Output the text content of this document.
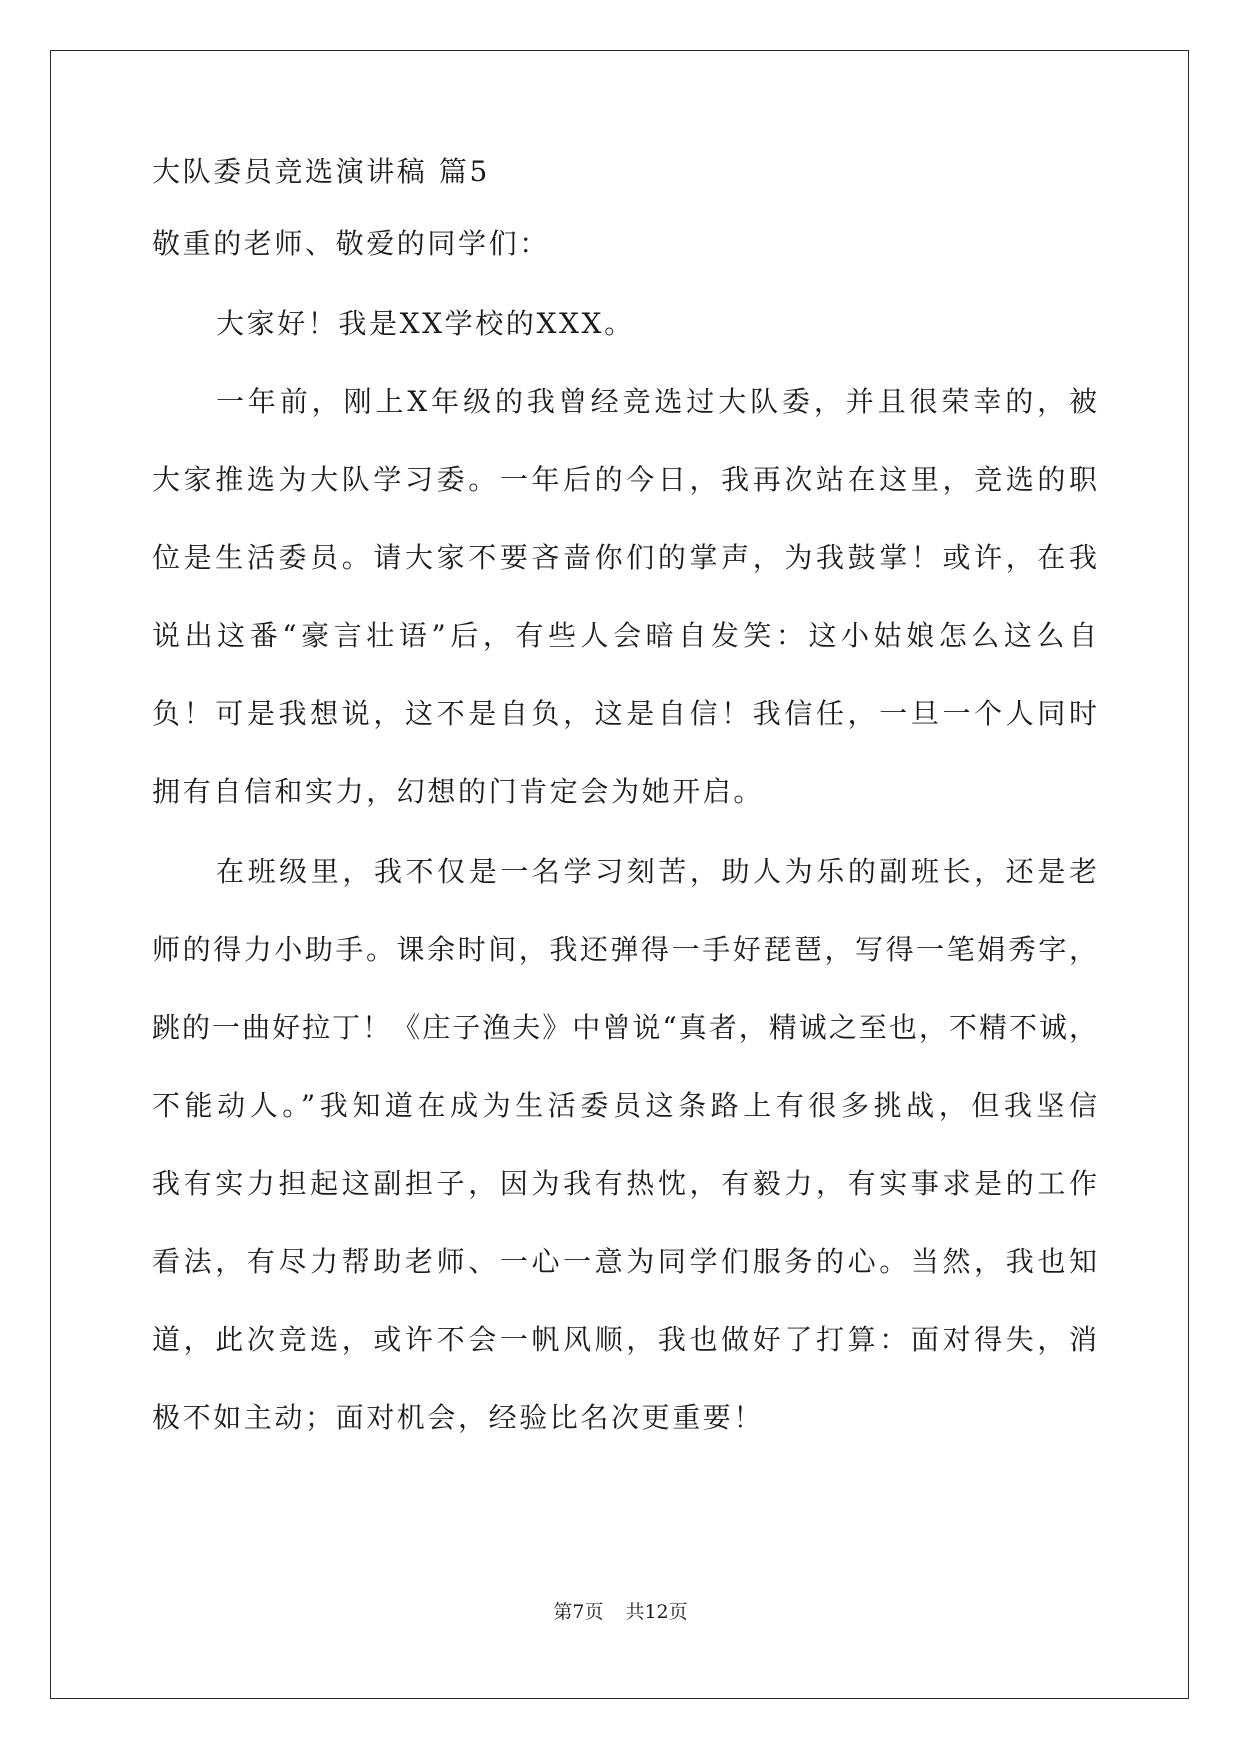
大队委员竞选演讲稿 篇5
敬重的老师、敬爱的同学们：
大家好！我是XX学校的XXX。
一年前，刚上X年级的我曾经竞选过大队委，并且很荣幸的，被
大家推选为大队学习委。一年后的今日，我再次站在这里，竞选的职
位是生活委员。请大家不要吝啬你们的掌声，为我鼓掌！或许，在我
说出这番“豪言壮语”后，有些人会暗自发笑：这小姑娘怎么这么自
负！可是我想说，这不是自负，这是自信！我信任，一旦一个人同时
拥有自信和实力，幻想的门肯定会为她开启。
在班级里，我不仅是一名学习刻苦，助人为乐的副班长，还是老
师的得力小助手。课余时间，我还弹得一手好琵琶，写得一笔娟秀字，
跳的一曲好拉丁！《庄子渔夫》中曾说“真者，精诚之至也，不精不诚，
不能动人。”我知道在成为生活委员这条路上有很多挑战，但我坚信
我有实力担起这副担子，因为我有热忱，有毅力，有实事求是的工作
看法，有尽力帮助老师、一心一意为同学们服务的心。当然，我也知
道，此次竞选，或许不会一帆风顺，我也做好了打算：面对得失，消
极不如主动；面对机会，经验比名次更重要！
第7页 共12页
